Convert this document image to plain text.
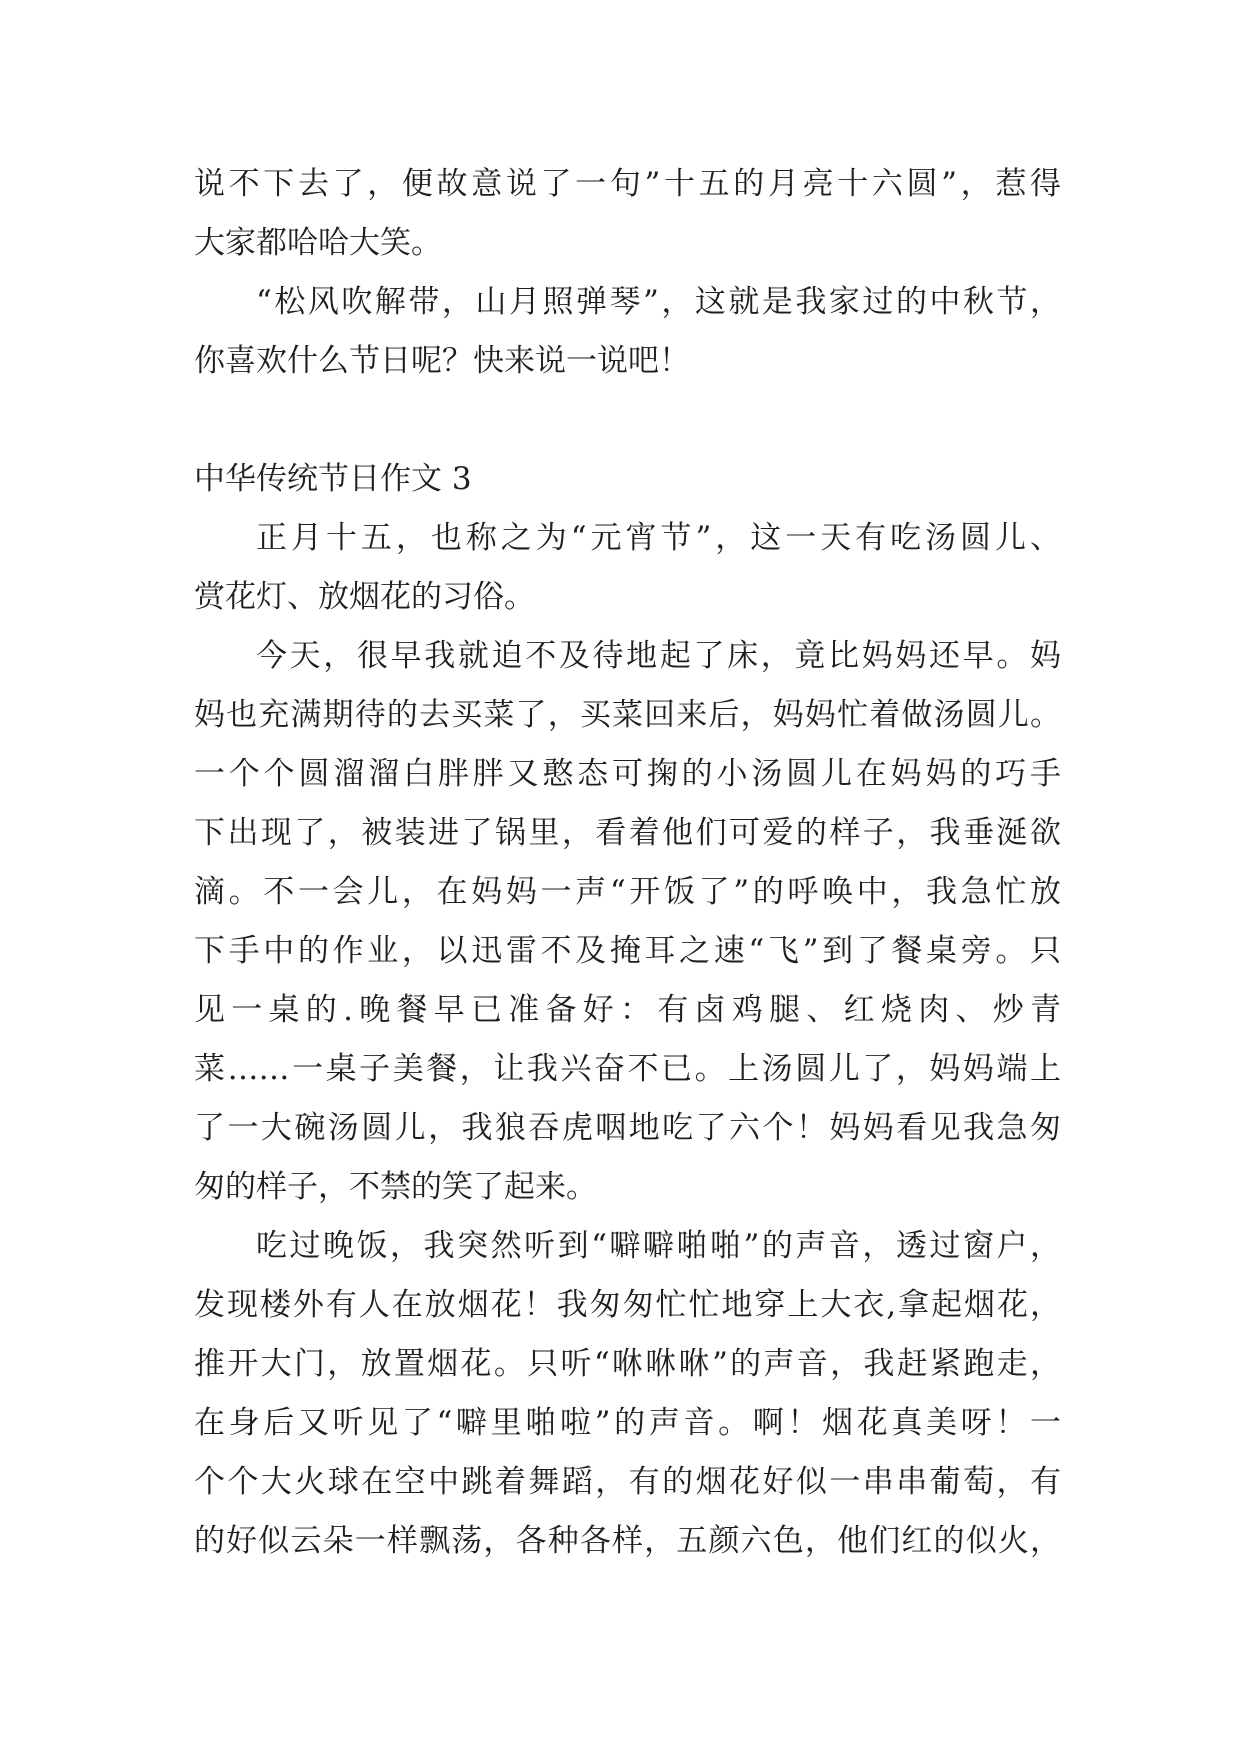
说不下去了，便故意说了一句”十五的月亮十六圆”，惹得
大家都哈哈大笑。
“松风吹解带，山月照弹琴”，这就是我家过的中秋节，
你喜欢什么节日呢？快来说一说吧！
中华传统节日作文 3
正月十五，也称之为“元宵节”，这一天有吃汤圆儿、
赏花灯、放烟花的习俗。
今天，很早我就迫不及待地起了床，竟比妈妈还早。妈
妈也充满期待的去买菜了，买菜回来后，妈妈忙着做汤圆儿。
一个个圆溜溜白胖胖又憨态可掬的小汤圆儿在妈妈的巧手
下出现了，被装进了锅里，看着他们可爱的样子，我垂涎欲
滴。不一会儿，在妈妈一声“开饭了”的呼唤中，我急忙放
下手中的作业，以迅雷不及掩耳之速“飞”到了餐桌旁。只
见一桌的.晚餐早已准备好：有卤鸡腿、红烧肉、炒青
菜……一桌子美餐，让我兴奋不已。上汤圆儿了，妈妈端上
了一大碗汤圆儿，我狼吞虎咽地吃了六个！妈妈看见我急匆
匆的样子，不禁的笑了起来。
吃过晚饭，我突然听到“噼噼啪啪”的声音，透过窗户，
发现楼外有人在放烟花！我匆匆忙忙地穿上大衣,拿起烟花，
推开大门，放置烟花。只听“咻咻咻”的声音，我赶紧跑走，
在身后又听见了“噼里啪啦”的声音。啊！烟花真美呀！一
个个大火球在空中跳着舞蹈，有的烟花好似一串串葡萄，有
的好似云朵一样飘荡，各种各样，五颜六色，他们红的似火，
